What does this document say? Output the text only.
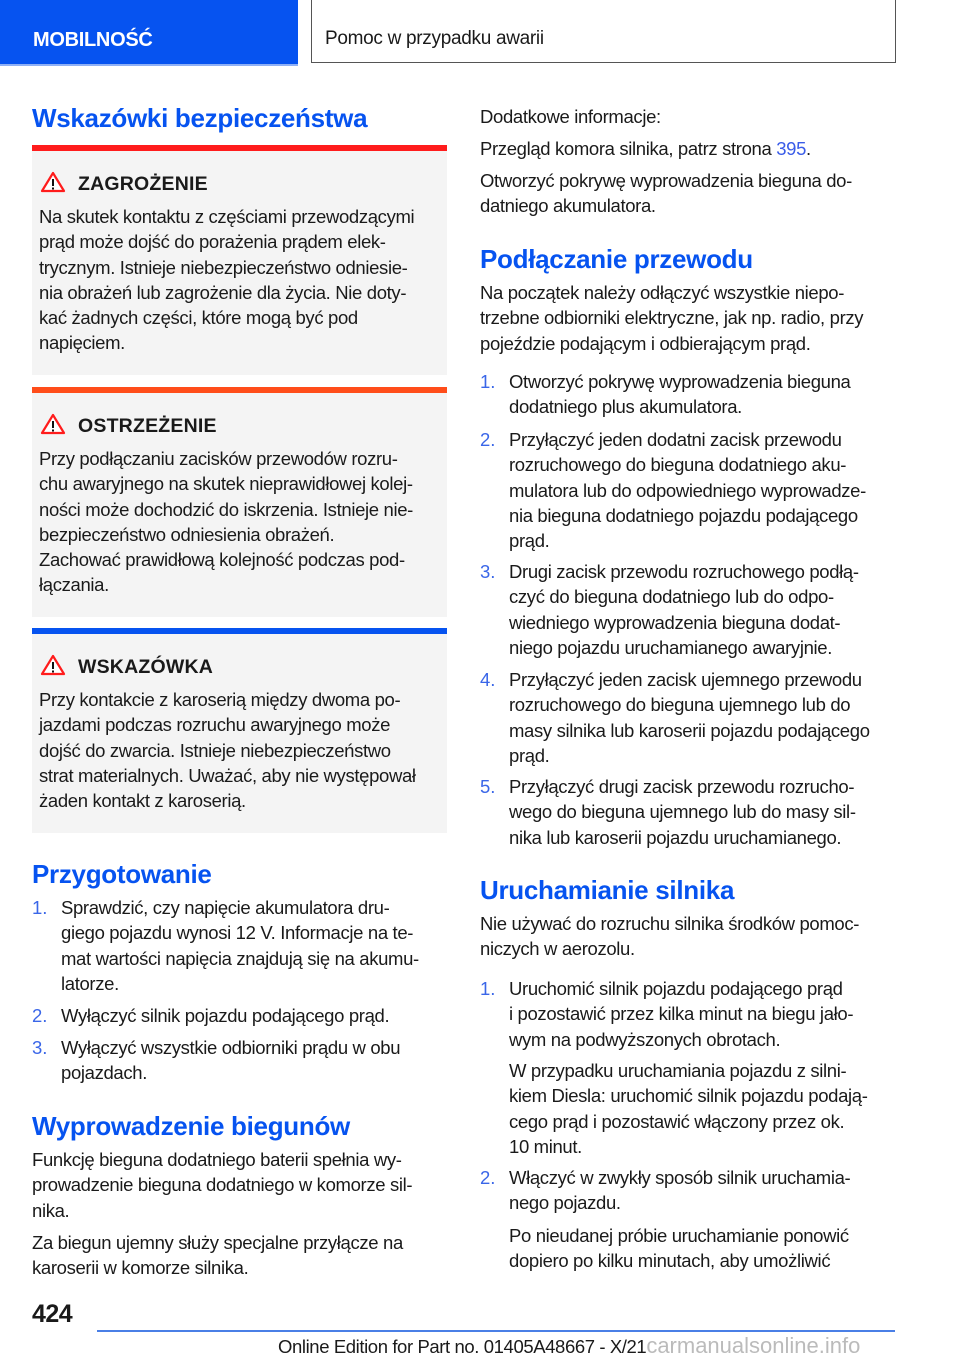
MOBILNOŚĆ	Pomoc w przypadku awarii
Wskazówki bezpieczeństwa
ZAGROŻENIE
Na skutek kontaktu z częściami przewodzącymi
prąd może dojść do porażenia prądem elek-
trycznym. Istnieje niebezpieczeństwo odniesie-
nia obrażeń lub zagrożenie dla życia. Nie doty-
kać żadnych części, które mogą być pod
napięciem.
OSTRZEŻENIE
Przy podłączaniu zacisków przewodów rozru-
chu awaryjnego na skutek nieprawidłowej kolej-
ności może dochodzić do iskrzenia. Istnieje nie-
bezpieczeństwo odniesienia obrażeń.
Zachować prawidłową kolejność podczas pod-
łączania.
WSKAZÓWKA
Przy kontakcie z karoserią między dwoma po-
jazdami podczas rozruchu awaryjnego może
dojść do zwarcia. Istnieje niebezpieczeństwo
strat materialnych. Uważać, aby nie występował
żaden kontakt z karoserią.
Przygotowanie
1. Sprawdzić, czy napięcie akumulatora dru-
giego pojazdu wynosi 12 V. Informacje na te-
mat wartości napięcia znajdują się na akumu-
latorze.
2. Wyłączyć silnik pojazdu podającego prąd.
3. Wyłączyć wszystkie odbiorniki prądu w obu
pojazdach.
Wyprowadzenie biegunów
Funkcję bieguna dodatniego baterii spełnia wy-
prowadzenie bieguna dodatniego w komorze sil-
nika.
Za biegun ujemny służy specjalne przyłącze na
karoserii w komorze silnika.
Dodatkowe informacje:
Przegląd komora silnika, patrz strona 395.
Otworzyć pokrywę wyprowadzenia bieguna do-
datniego akumulatora.
Podłączanie przewodu
Na początek należy odłączyć wszystkie niepo-
trzebne odbiorniki elektryczne, jak np. radio, przy
pojeździe podającym i odbierającym prąd.
1. Otworzyć pokrywę wyprowadzenia bieguna
dodatniego plus akumulatora.
2. Przyłączyć jeden dodatni zacisk przewodu
rozruchowego do bieguna dodatniego aku-
mulatora lub do odpowiedniego wyprowadze-
nia bieguna dodatniego pojazdu podającego
prąd.
3. Drugi zacisk przewodu rozruchowego podłą-
czyć do bieguna dodatniego lub do odpo-
wiedniego wyprowadzenia bieguna dodat-
niego pojazdu uruchamianego awaryjnie.
4. Przyłączyć jeden zacisk ujemnego przewodu
rozruchowego do bieguna ujemnego lub do
masy silnika lub karoserii pojazdu podającego
prąd.
5. Przyłączyć drugi zacisk przewodu rozrucho-
wego do bieguna ujemnego lub do masy sil-
nika lub karoserii pojazdu uruchamianego.
Uruchamianie silnika
Nie używać do rozruchu silnika środków pomoc-
niczych w aerozolu.
1. Uruchomić silnik pojazdu podającego prąd
i pozostawić przez kilka minut na biegu jało-
wym na podwyższonych obrotach.
W przypadku uruchamiania pojazdu z silni-
kiem Diesla: uruchomić silnik pojazdu podają-
cego prąd i pozostawić włączony przez ok.
10 minut.
2. Włączyć w zwykły sposób silnik uruchamia-
nego pojazdu.
Po nieudanej próbie uruchamianie ponowić
dopiero po kilku minutach, aby umożliwić
424
Online Edition for Part no. 01405A48667 - X/21carmanualsonline.info
